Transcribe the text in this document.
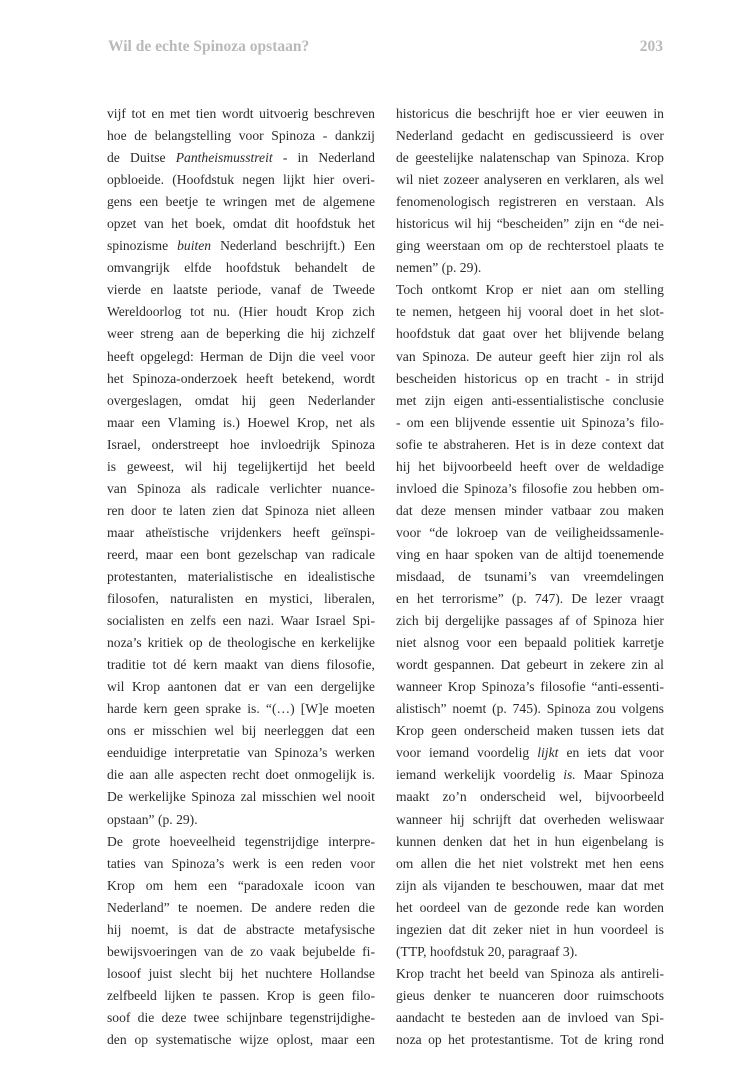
Wil de echte Spinoza opstaan?	203
vijf tot en met tien wordt uitvoerig beschreven
hoe de belangstelling voor Spinoza - dankzij
de Duitse Pantheismusstreit - in Nederland
opbloeide. (Hoofdstuk negen lijkt hier overi-
gens een beetje te wringen met de algemene
opzet van het boek, omdat dit hoofdstuk het
spinozisme buiten Nederland beschrijft.) Een
omvangrijk elfde hoofdstuk behandelt de
vierde en laatste periode, vanaf de Tweede
Wereldoorlog tot nu. (Hier houdt Krop zich
weer streng aan de beperking die hij zichzelf
heeft opgelegd: Herman de Dijn die veel voor
het Spinoza-onderzoek heeft betekend, wordt
overgeslagen, omdat hij geen Nederlander
maar een Vlaming is.) Hoewel Krop, net als
Israel, onderstreept hoe invloedrijk Spinoza
is geweest, wil hij tegelijkertijd het beeld
van Spinoza als radicale verlichter nuance-
ren door te laten zien dat Spinoza niet alleen
maar atheïstische vrijdenkers heeft geïnspi-
reerd, maar een bont gezelschap van radicale
protestanten, materialistische en idealistische
filosofen, naturalisten en mystici, liberalen,
socialisten en zelfs een nazi. Waar Israel Spi-
noza’s kritiek op de theologische en kerkelijke
traditie tot dé kern maakt van diens filosofie,
wil Krop aantonen dat er van een dergelijke
harde kern geen sprake is. “(…) [W]e moeten
ons er misschien wel bij neerleggen dat een
eenduidige interpretatie van Spinoza’s werken
die aan alle aspecten recht doet onmogelijk is.
De werkelijke Spinoza zal misschien wel nooit
opstaan” (p. 29).
De grote hoeveelheid tegenstrijdige interpre-
taties van Spinoza’s werk is een reden voor
Krop om hem een “paradoxale icoon van
Nederland” te noemen. De andere reden die
hij noemt, is dat de abstracte metafysische
bewijsvoeringen van de zo vaak bejubelde fi-
losoof juist slecht bij het nuchtere Hollandse
zelfbeeld lijken te passen. Krop is geen filo-
soof die deze twee schijnbare tegenstrijdighe-
den op systematische wijze oplost, maar een
historicus die beschrijft hoe er vier eeuwen in
Nederland gedacht en gediscussieerd is over
de geestelijke nalatenschap van Spinoza. Krop
wil niet zozeer analyseren en verklaren, als wel
fenomenologisch registreren en verstaan. Als
historicus wil hij “bescheiden” zijn en “de nei-
ging weerstaan om op de rechterstoel plaats te
nemen” (p. 29).
Toch ontkomt Krop er niet aan om stelling
te nemen, hetgeen hij vooral doet in het slot-
hoofdstuk dat gaat over het blijvende belang
van Spinoza. De auteur geeft hier zijn rol als
bescheiden historicus op en tracht - in strijd
met zijn eigen anti-essentialistische conclusie
- om een blijvende essentie uit Spinoza’s filo-
sofie te abstraheren. Het is in deze context dat
hij het bijvoorbeeld heeft over de weldadige
invloed die Spinoza’s filosofie zou hebben om-
dat deze mensen minder vatbaar zou maken
voor “de lokroep van de veiligheidssamenle-
ving en haar spoken van de altijd toenemende
misdaad, de tsunami’s van vreemdelingen
en het terrorisme” (p. 747). De lezer vraagt
zich bij dergelijke passages af of Spinoza hier
niet alsnog voor een bepaald politiek karretje
wordt gespannen. Dat gebeurt in zekere zin al
wanneer Krop Spinoza’s filosofie “anti-essenti-
alistisch” noemt (p. 745). Spinoza zou volgens
Krop geen onderscheid maken tussen iets dat
voor iemand voordelig lijkt en iets dat voor
iemand werkelijk voordelig is. Maar Spinoza
maakt zo’n onderscheid wel, bijvoorbeeld
wanneer hij schrijft dat overheden weliswaar
kunnen denken dat het in hun eigenbelang is
om allen die het niet volstrekt met hen eens
zijn als vijanden te beschouwen, maar dat met
het oordeel van de gezonde rede kan worden
ingezien dat dit zeker niet in hun voordeel is
(TTP, hoofdstuk 20, paragraaf 3).
Krop tracht het beeld van Spinoza als antireli-
gieus denker te nuanceren door ruimschoots
aandacht te besteden aan de invloed van Spi-
noza op het protestantisme. Tot de kring rond
